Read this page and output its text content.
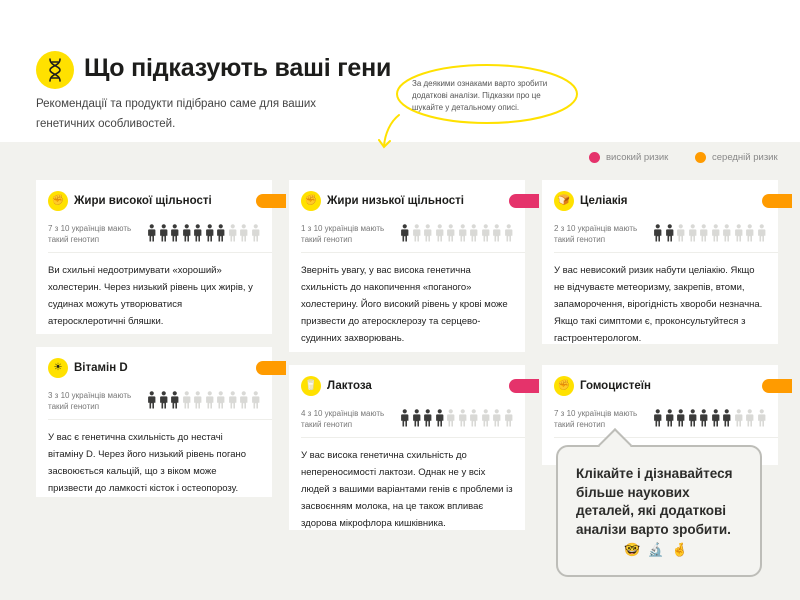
Що підказують ваші гени

Рекомендації та продукти підібрано саме для ваших генетичних особливостей.

За деякими ознаками варто зробити додаткові аналізи. Підказки про це шукайте у детальному описі.

високий ризик	середній ризик
✊ Жири високої щільності
7 з 10 українців мають такий генотип

Ви схильні недоотримувати «хороший» холестерин. Через низький рівень цих жирів, у судинах можуть утворюватися атеросклеротичні бляшки.

✊ Жири низької щільності
1 з 10 українців мають такий генотип

Зверніть увагу, у вас висока генетична схильність до накопичення «поганого» холестерину. Його високий рівень у крові може призвести до атеросклерозу та серцево-судинних захворювань.

🍞 Целіакія
2 з 10 українців мають такий генотип

У вас невисокий ризик набути целіакію. Якщо не відчуваєте метеоризму, закрепів, втоми, запаморочення, вірогідність хвороби незначна. Якщо такі симптоми є, проконсультуйтеся з гастроентерологом.

☀	Вітамін D
3 з 10 українців мають такий генотип

У вас є генетична схильність до нестачі вітаміну D. Через його низький рівень погано засвоюється кальцій, що з віком може призвести до ламкості кісток і остеопорозу.

🥛 Лактоза
4 з 10 українців мають такий генотип

У вас висока генетична схильність до непереносимості лактози. Однак не у всіх людей з вашими варіантами генів є проблеми із засвоєнням молока, на це також впливає здорова мікрофлора кишківника.

✊ Гомоцистеїн
7 з 10 українців мають такий генотип

Клікайте і дізнавайтеся більше наукових деталей, які додаткові аналізи варто зробити.

🤓 🔬 🤞
